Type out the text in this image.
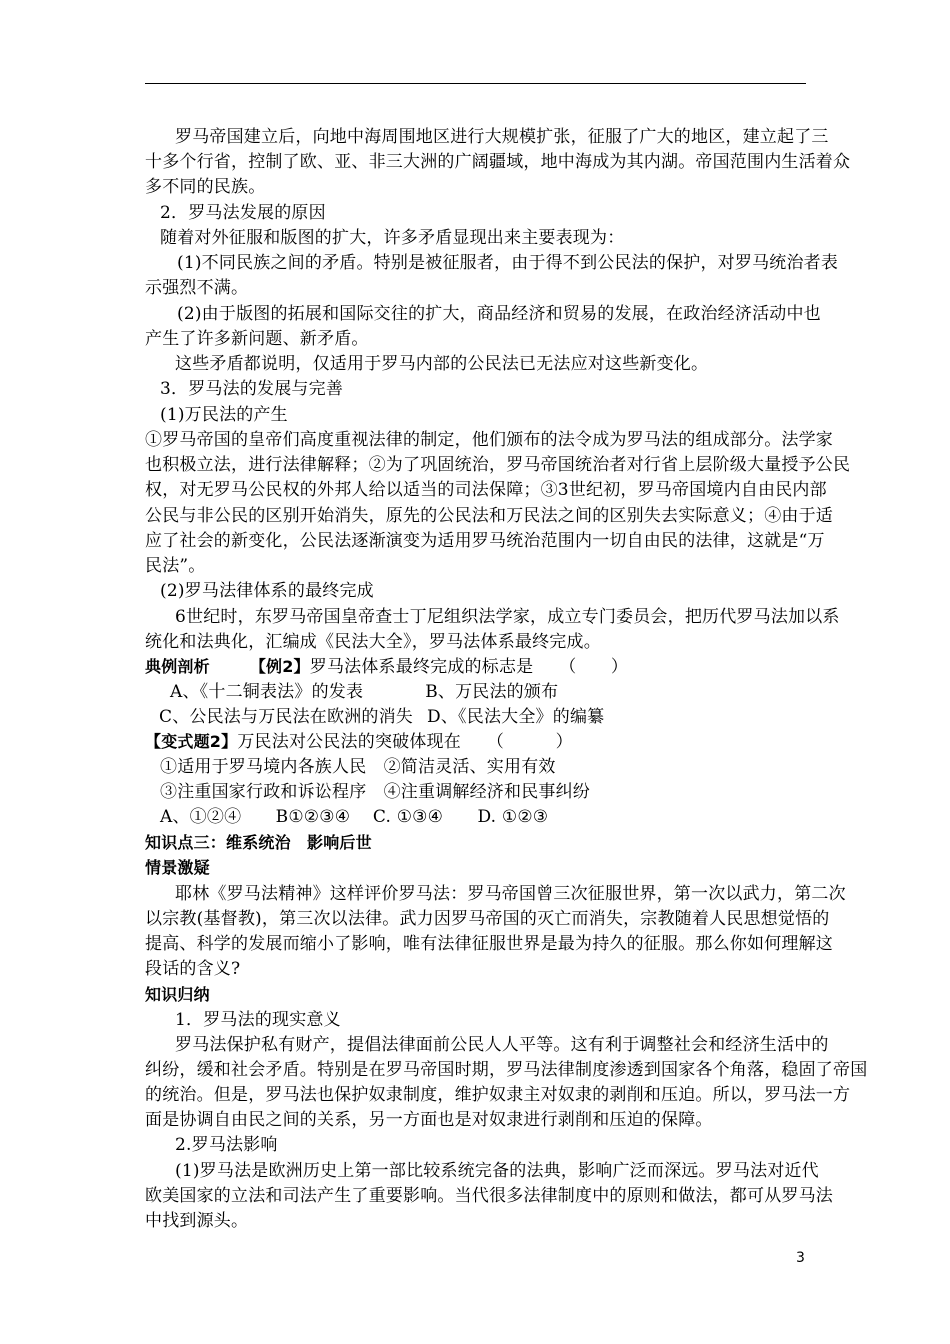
罗马帝国建立后，向地中海周围地区进行大规模扩张，征服了广大的地区，建立起了三
十多个行省，控制了欧、亚、非三大洲的广阔疆域，地中海成为其内湖。帝国范围内生活着众
多不同的民族。
2．罗马法发展的原因
随着对外征服和版图的扩大，许多矛盾显现出来主要表现为：
(1)不同民族之间的矛盾。特别是被征服者，由于得不到公民法的保护，对罗马统治者表
示强烈不满。
(2)由于版图的拓展和国际交往的扩大，商品经济和贸易的发展，在政治经济活动中也
产生了许多新问题、新矛盾。
这些矛盾都说明，仅适用于罗马内部的公民法已无法应对这些新变化。
3．罗马法的发展与完善
(1)万民法的产生
①罗马帝国的皇帝们高度重视法律的制定，他们颁布的法令成为罗马法的组成部分。法学家
也积极立法，进行法律解释；②为了巩固统治，罗马帝国统治者对行省上层阶级大量授予公民
权，对无罗马公民权的外邦人给以适当的司法保障；③3世纪初，罗马帝国境内自由民内部
公民与非公民的区别开始消失，原先的公民法和万民法之间的区别失去实际意义；④由于适
应了社会的新变化，公民法逐渐演变为适用罗马统治范围内一切自由民的法律，这就是“万
民法”。
(2)罗马法律体系的最终完成
6世纪时，东罗马帝国皇帝查士丁尼组织法学家，成立专门委员会，把历代罗马法加以系
统化和法典化，汇编成《民法大全》，罗马法体系最终完成。
典例剖析	【例2】罗马法体系最终完成的标志是　　（　　）
A、《十二铜表法》的发表	B、万民法的颁布
C、公民法与万民法在欧洲的消失 D、《民法大全》的编纂
【变式题2】万民法对公民法的突破体现在　　（　　　）
①适用于罗马境内各族人民　②简洁灵活、实用有效
③注重国家行政和诉讼程序　④注重调解经济和民事纠纷
A、①②④　　B①②③④　 C. ①③④　　D. ①②③
知识点三：维系统治　影响后世
情景激疑
耶林《罗马法精神》这样评价罗马法：罗马帝国曾三次征服世界，第一次以武力，第二次
以宗教(基督教)，第三次以法律。武力因罗马帝国的灭亡而消失，宗教随着人民思想觉悟的
提高、科学的发展而缩小了影响，唯有法律征服世界是最为持久的征服。那么你如何理解这
段话的含义?
知识归纳
1．罗马法的现实意义
罗马法保护私有财产，提倡法律面前公民人人平等。这有利于调整社会和经济生活中的
纠纷，缓和社会矛盾。特别是在罗马帝国时期，罗马法律制度渗透到国家各个角落，稳固了帝国
的统治。但是，罗马法也保护奴隶制度，维护奴隶主对奴隶的剥削和压迫。所以，罗马法一方
面是协调自由民之间的关系，另一方面也是对奴隶进行剥削和压迫的保障。
2.罗马法影响
(1)罗马法是欧洲历史上第一部比较系统完备的法典，影响广泛而深远。罗马法对近代
欧美国家的立法和司法产生了重要影响。当代很多法律制度中的原则和做法，都可从罗马法
中找到源头。
3
